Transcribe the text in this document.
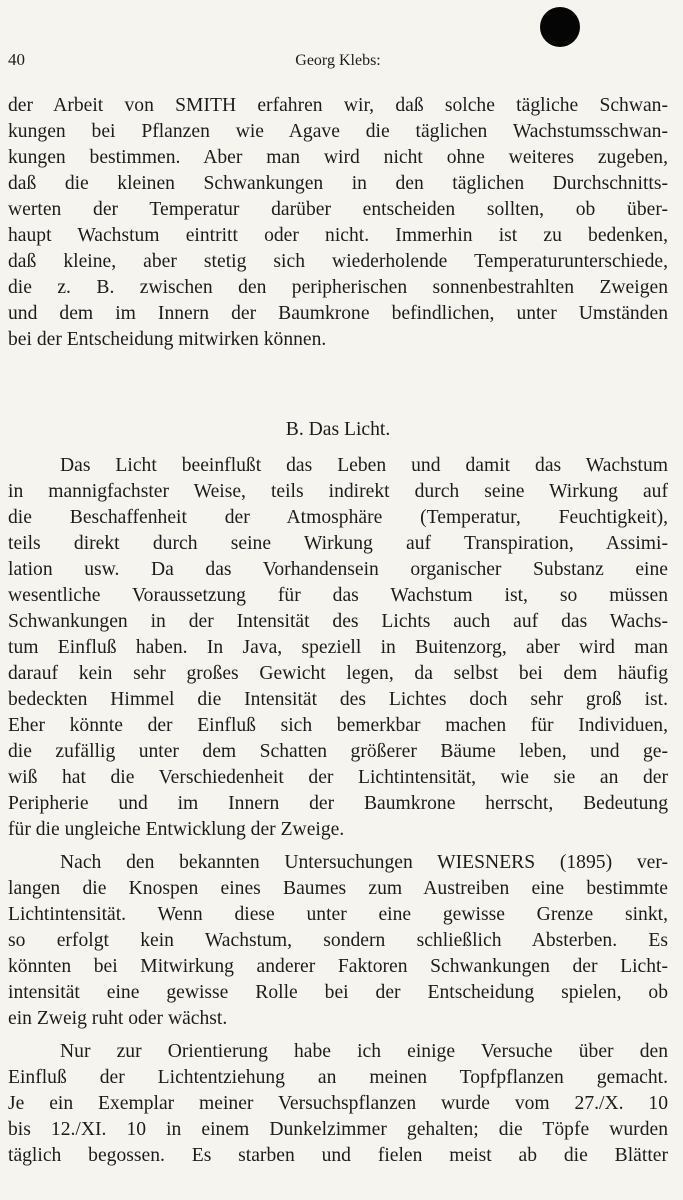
40	Georg Klebs:
der Arbeit von SMITH erfahren wir, daß solche tägliche Schwan-
kungen bei Pflanzen wie Agave die täglichen Wachstumsschwan-
kungen bestimmen. Aber man wird nicht ohne weiteres zugeben,
daß die kleinen Schwankungen in den täglichen Durchschnitts-
werten der Temperatur darüber entscheiden sollten, ob über-
haupt Wachstum eintritt oder nicht. Immerhin ist zu bedenken,
daß kleine, aber stetig sich wiederholende Temperaturunterschiede,
die z. B. zwischen den peripherischen sonnenbestrahlten Zweigen
und dem im Innern der Baumkrone befindlichen, unter Umständen
bei der Entscheidung mitwirken können.
B. Das Licht.
Das Licht beeinflußt das Leben und damit das Wachstum
in mannigfachster Weise, teils indirekt durch seine Wirkung auf
die Beschaffenheit der Atmosphäre (Temperatur, Feuchtigkeit),
teils direkt durch seine Wirkung auf Transpiration, Assimi-
lation usw. Da das Vorhandensein organischer Substanz eine
wesentliche Voraussetzung für das Wachstum ist, so müssen
Schwankungen in der Intensität des Lichts auch auf das Wachs-
tum Einfluß haben. In Java, speziell in Buitenzorg, aber wird man
darauf kein sehr großes Gewicht legen, da selbst bei dem häufig
bedeckten Himmel die Intensität des Lichtes doch sehr groß ist.
Eher könnte der Einfluß sich bemerkbar machen für Individuen,
die zufällig unter dem Schatten größerer Bäume leben, und ge-
wiß hat die Verschiedenheit der Lichtintensität, wie sie an der
Peripherie und im Innern der Baumkrone herrscht, Bedeutung
für die ungleiche Entwicklung der Zweige.
Nach den bekannten Untersuchungen WIESNERS (1895) ver-
langen die Knospen eines Baumes zum Austreiben eine bestimmte
Lichtintensität. Wenn diese unter eine gewisse Grenze sinkt,
so erfolgt kein Wachstum, sondern schließlich Absterben. Es
könnten bei Mitwirkung anderer Faktoren Schwankungen der Licht-
intensität eine gewisse Rolle bei der Entscheidung spielen, ob
ein Zweig ruht oder wächst.
Nur zur Orientierung habe ich einige Versuche über den
Einfluß der Lichtentziehung an meinen Topfpflanzen gemacht.
Je ein Exemplar meiner Versuchspflanzen wurde vom 27./X. 10
bis 12./XI. 10 in einem Dunkelzimmer gehalten; die Töpfe wurden
täglich begossen. Es starben und fielen meist ab die Blätter
